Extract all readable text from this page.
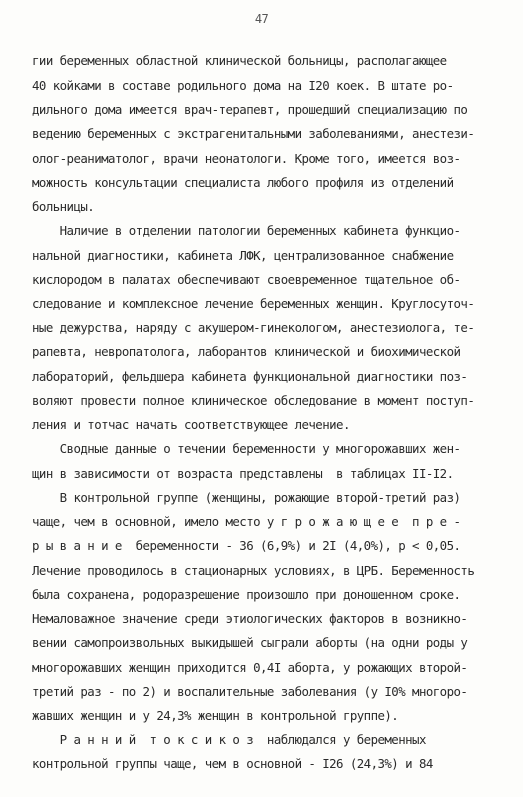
47
гии беременных областной клинической больницы, располагающее
40 койками в составе родильного дома на I20 коек. В штате ро-
дильного дома имеется врач-терапевт, прошедший специализацию по
ведению беременных с экстрагенитальными заболеваниями, анестези-
олог-реаниматолог, врачи неонатологи. Кроме того, имеется воз-
можность консультации специалиста любого профиля из отделений
больницы.
Наличие в отделении патологии беременных кабинета функцио-
нальной диагностики, кабинета ЛФК, централизованное снабжение
кислородом в палатах обеспечивают своевременное тщательное об-
следование и комплексное лечение беременных женщин. Круглосуточ-
ные дежурства, наряду с акушером-гинекологом, анестезиолога, те-
рапевта, невропатолога, лаборантов клинической и биохимической
лабораторий, фельдшера кабинета функциональной диагностики поз-
воляют провести полное клиническое обследование в момент поступ-
ления и тотчас начать соответствующее лечение.
Сводные данные о течении беременности у многорожавших жен-
щин в зависимости от возраста представлены  в таблицах II-I2.
В контрольной группе (женщины, рожающие второй-третий раз)
чаще, чем в основной, имело место у г р о ж а ю щ е е  п р е -
р ы в а н и е  беременности - 36 (6,9%) и 2I (4,0%), p < 0,05.
Лечение проводилось в стационарных условиях, в ЦРБ. Беременность
была сохранена, родоразрешение произошло при доношенном сроке.
Немаловажное значение среди этиологических факторов в возникно-
вении самопроизвольных выкидышей сыграли аборты (на одни роды у
многорожавших женщин приходится 0,4I аборта, у рожающих второй-
третий раз - по 2) и воспалительные заболевания (у I0% многоро-
жавших женщин и у 24,3% женщин в контрольной группе).
Р а н н и й  т о к с и к о з  наблюдался у беременных
контрольной группы чаще, чем в основной - I26 (24,3%) и 84
